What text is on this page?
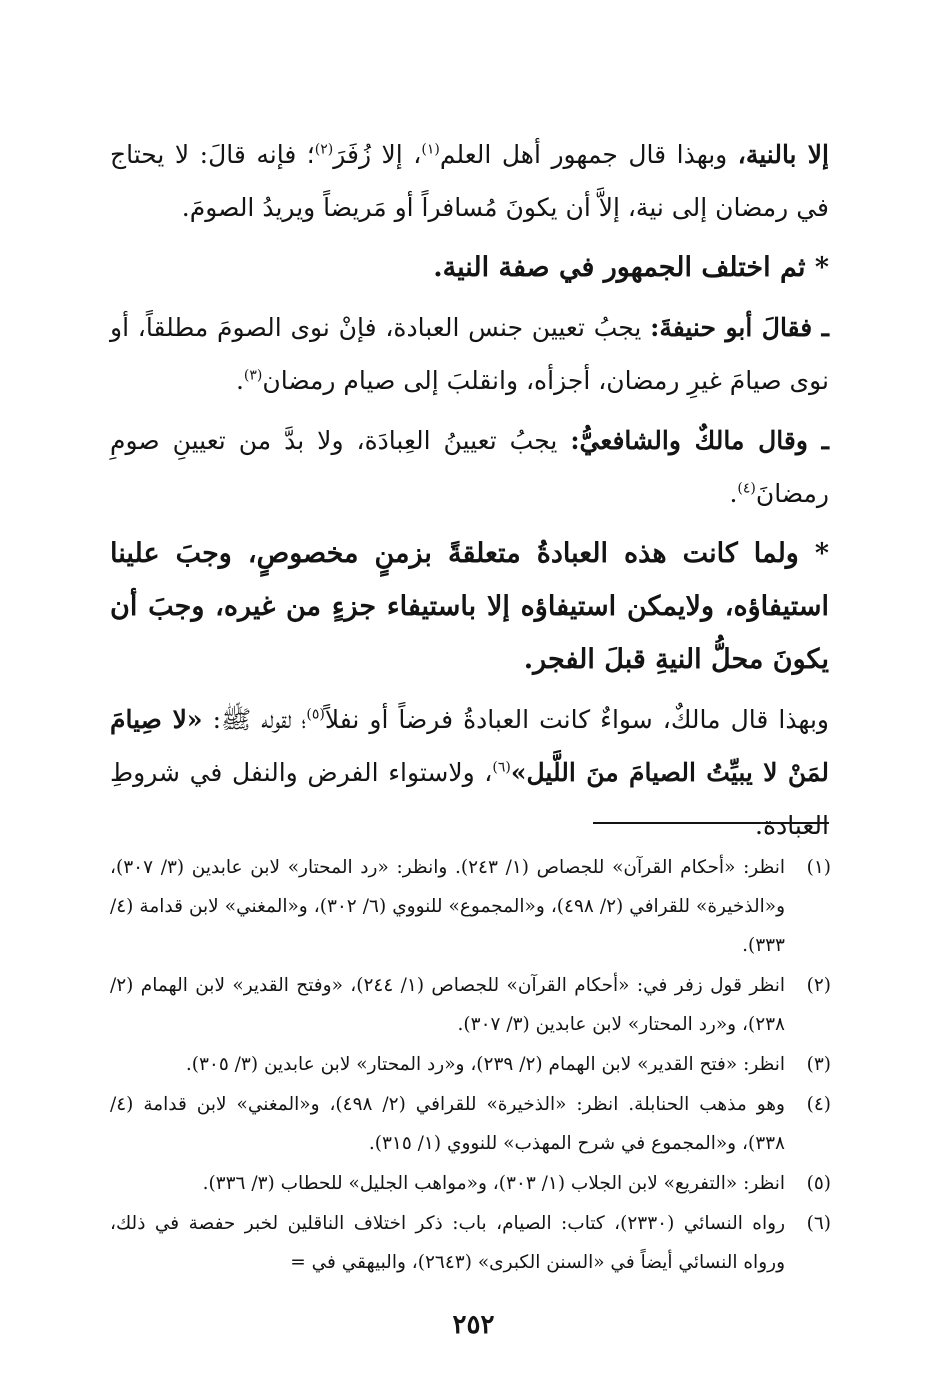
إلا بالنية، وبهذا قال جمهور أهل العلم$^{(١)}$، إلا زُفَرَ$^{(٢)}$؛ فإنه قالَ: لا يحتاج في رمضان إلى نية، إلاَّ أن يكونَ مُسافراً أو مَريضاً ويريدُ الصومَ.

* ثم اختلف الجمهور في صفة النية.

ـ فقالَ أبو حنيفةَ: يجبُ تعيين جنس العبادة، فإنْ نوى الصومَ مطلقاً، أو نوى صيامَ غيرِ رمضان، أجزأه، وانقلبَ إلى صيام رمضان$^{(٣)}$.

ـ وقال مالكٌ والشافعيُّ: يجبُ تعيينُ العِبادَة، ولا بدَّ من تعيينِ صومِ رمضانَ$^{(٤)}$.

* ولما كانت هذه العبادةُ متعلقةً بزمنٍ مخصوصٍ، وجبَ علينا استيفاؤه، ولايمكن استيفاؤه إلا باستيفاء جزءٍ من غيره، وجبَ أن يكونَ محلُّ النيةِ قبلَ الفجر.

وبهذا قال مالكٌ، سواءٌ كانت العبادةُ فرضاً أو نفلاً$^{(٥)}$؛ لقوله ﷺ: «لا صِيامَ لمَنْ لا يبيِّتُ الصيامَ منَ اللَّيل»$^{(٦)}$، ولاستواء الفرض والنفل في شروطِ العبادة.

(١)
انظر: «أحكام القرآن» للجصاص (١/ ٢٤٣). وانظر: «رد المحتار» لابن عابدين (٣/ ٣٠٧)، و«الذخيرة» للقرافي (٢/ ٤٩٨)، و«المجموع» للنووي (٦/ ٣٠٢)، و«المغني» لابن قدامة (٤/ ٣٣٣).
(٢)
انظر قول زفر في: «أحكام القرآن» للجصاص (١/ ٢٤٤)، «وفتح القدير» لابن الهمام (٢/ ٢٣٨)، و«رد المحتار» لابن عابدين (٣/ ٣٠٧).
(٣)
انظر: «فتح القدير» لابن الهمام (٢/ ٢٣٩)، و«رد المحتار» لابن عابدين (٣/ ٣٠٥).
(٤)
وهو مذهب الحنابلة. انظر: «الذخيرة» للقرافي (٢/ ٤٩٨)، و«المغني» لابن قدامة (٤/ ٣٣٨)، و«المجموع في شرح المهذب» للنووي (١/ ٣١٥).
(٥)
انظر: «التفريع» لابن الجلاب (١/ ٣٠٣)، و«مواهب الجليل» للحطاب (٣/ ٣٣٦).
(٦)
رواه النسائي (٢٣٣٠)، كتاب: الصيام، باب: ذكر اختلاف الناقلين لخبر حفصة في ذلك، ورواه النسائي أيضاً في «السنن الكبرى» (٢٦٤٣)، والبيهقي في =
٢٥٢
